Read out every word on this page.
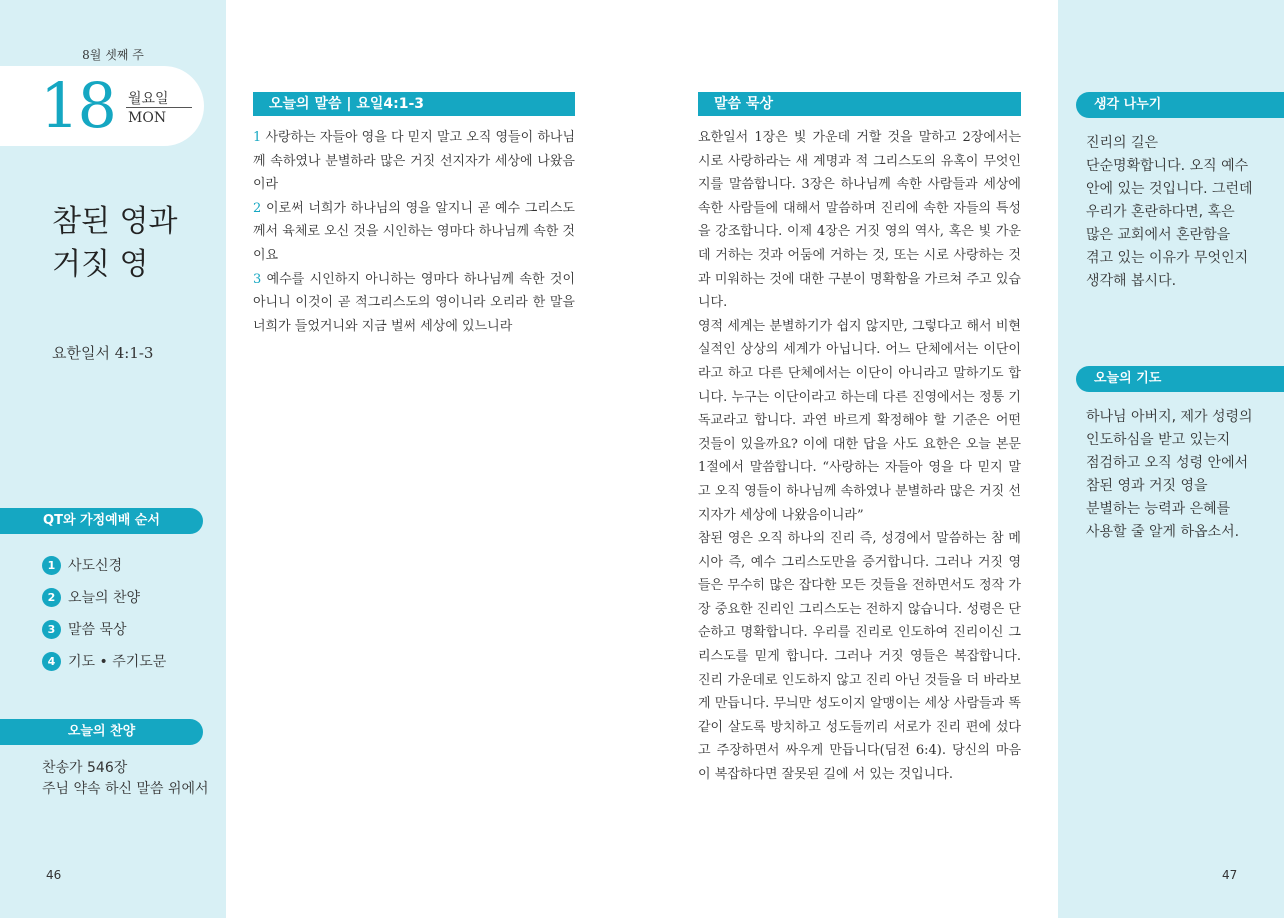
8월 셋째 주
18 월요일
MON
참된 영과
거짓 영
요한일서 4:1-3
QT와 가정예배 순서
1 사도신경
2 오늘의 찬양
3 말씀 묵상
4 기도 • 주기도문
오늘의 찬양
찬송가 546장
주님 약속 하신 말씀 위에서
46
오늘의 말씀 | 요일4:1-3
1 사랑하는 자들아 영을 다 믿지 말고 오직 영들이 하나님께 속하였나 분별하라 많은 거짓 선지자가 세상에 나왔음이라
2 이로써 너희가 하나님의 영을 알지니 곧 예수 그리스도께서 육체로 오신 것을 시인하는 영마다 하나님께 속한 것이요
3 예수를 시인하지 아니하는 영마다 하나님께 속한 것이 아니니 이것이 곧 적그리스도의 영이니라 오리라 한 말을 너희가 들었거니와 지금 벌써 세상에 있느니라
말씀 묵상

요한일서 1장은 빛 가운데 거할 것을 말하고 2장에서는 시로 사랑하라는 새 계명과 적 그리스도의 유혹이 무엇인지를 말씀합니다. 3장은 하나님께 속한 사람들과 세상에 속한 사람들에 대해서 말씀하며 진리에 속한 자들의 특성을 강조합니다. 이제 4장은 거짓 영의 역사, 혹은 빛 가운데 거하는 것과 어둠에 거하는 것, 또는 시로 사랑하는 것과 미워하는 것에 대한 구분이 명확함을 가르쳐 주고 있습니다.

영적 세계는 분별하기가 쉽지 않지만, 그렇다고 해서 비현실적인 상상의 세계가 아닙니다. 어느 단체에서는 이단이라고 하고 다른 단체에서는 이단이 아니라고 말하기도 합니다. 누구는 이단이라고 하는데 다른 진영에서는 정통 기독교라고 합니다. 과연 바르게 확정해야 할 기준은 어떤 것들이 있을까요? 이에 대한 답을 사도 요한은 오늘 본문 1절에서 말씀합니다. “사랑하는 자들아 영을 다 믿지 말고 오직 영들이 하나님께 속하였나 분별하라 많은 거짓 선지자가 세상에 나왔음이니라”

참된 영은 오직 하나의 진리 즉, 성경에서 말씀하는 참 메시아 즉, 예수 그리스도만을 증거합니다. 그러나 거짓 영들은 무수히 많은 잡다한 모든 것들을 전하면서도 정작 가장 중요한 진리인 그리스도는 전하지 않습니다. 성령은 단순하고 명확합니다. 우리를 진리로 인도하여 진리이신 그리스도를 믿게 합니다. 그러나 거짓 영들은 복잡합니다. 진리 가운데로 인도하지 않고 진리 아닌 것들을 더 바라보게 만듭니다. 무늬만 성도이지 알맹이는 세상 사람들과 똑같이 살도록 방치하고 성도들끼리 서로가 진리 편에 섰다고 주장하면서 싸우게 만듭니다(딤전 6:4). 당신의 마음이 복잡하다면 잘못된 길에 서 있는 것입니다.

생각 나누기
진리의 길은
단순명확합니다. 오직 예수
안에 있는 것입니다. 그런데
우리가 혼란하다면, 혹은
많은 교회에서 혼란함을
겪고 있는 이유가 무엇인지
생각해 봅시다.
오늘의 기도
하나님 아버지, 제가 성령의
인도하심을 받고 있는지
점검하고 오직 성령 안에서
참된 영과 거짓 영을
분별하는 능력과 은혜를
사용할 줄 알게 하옵소서.
47
